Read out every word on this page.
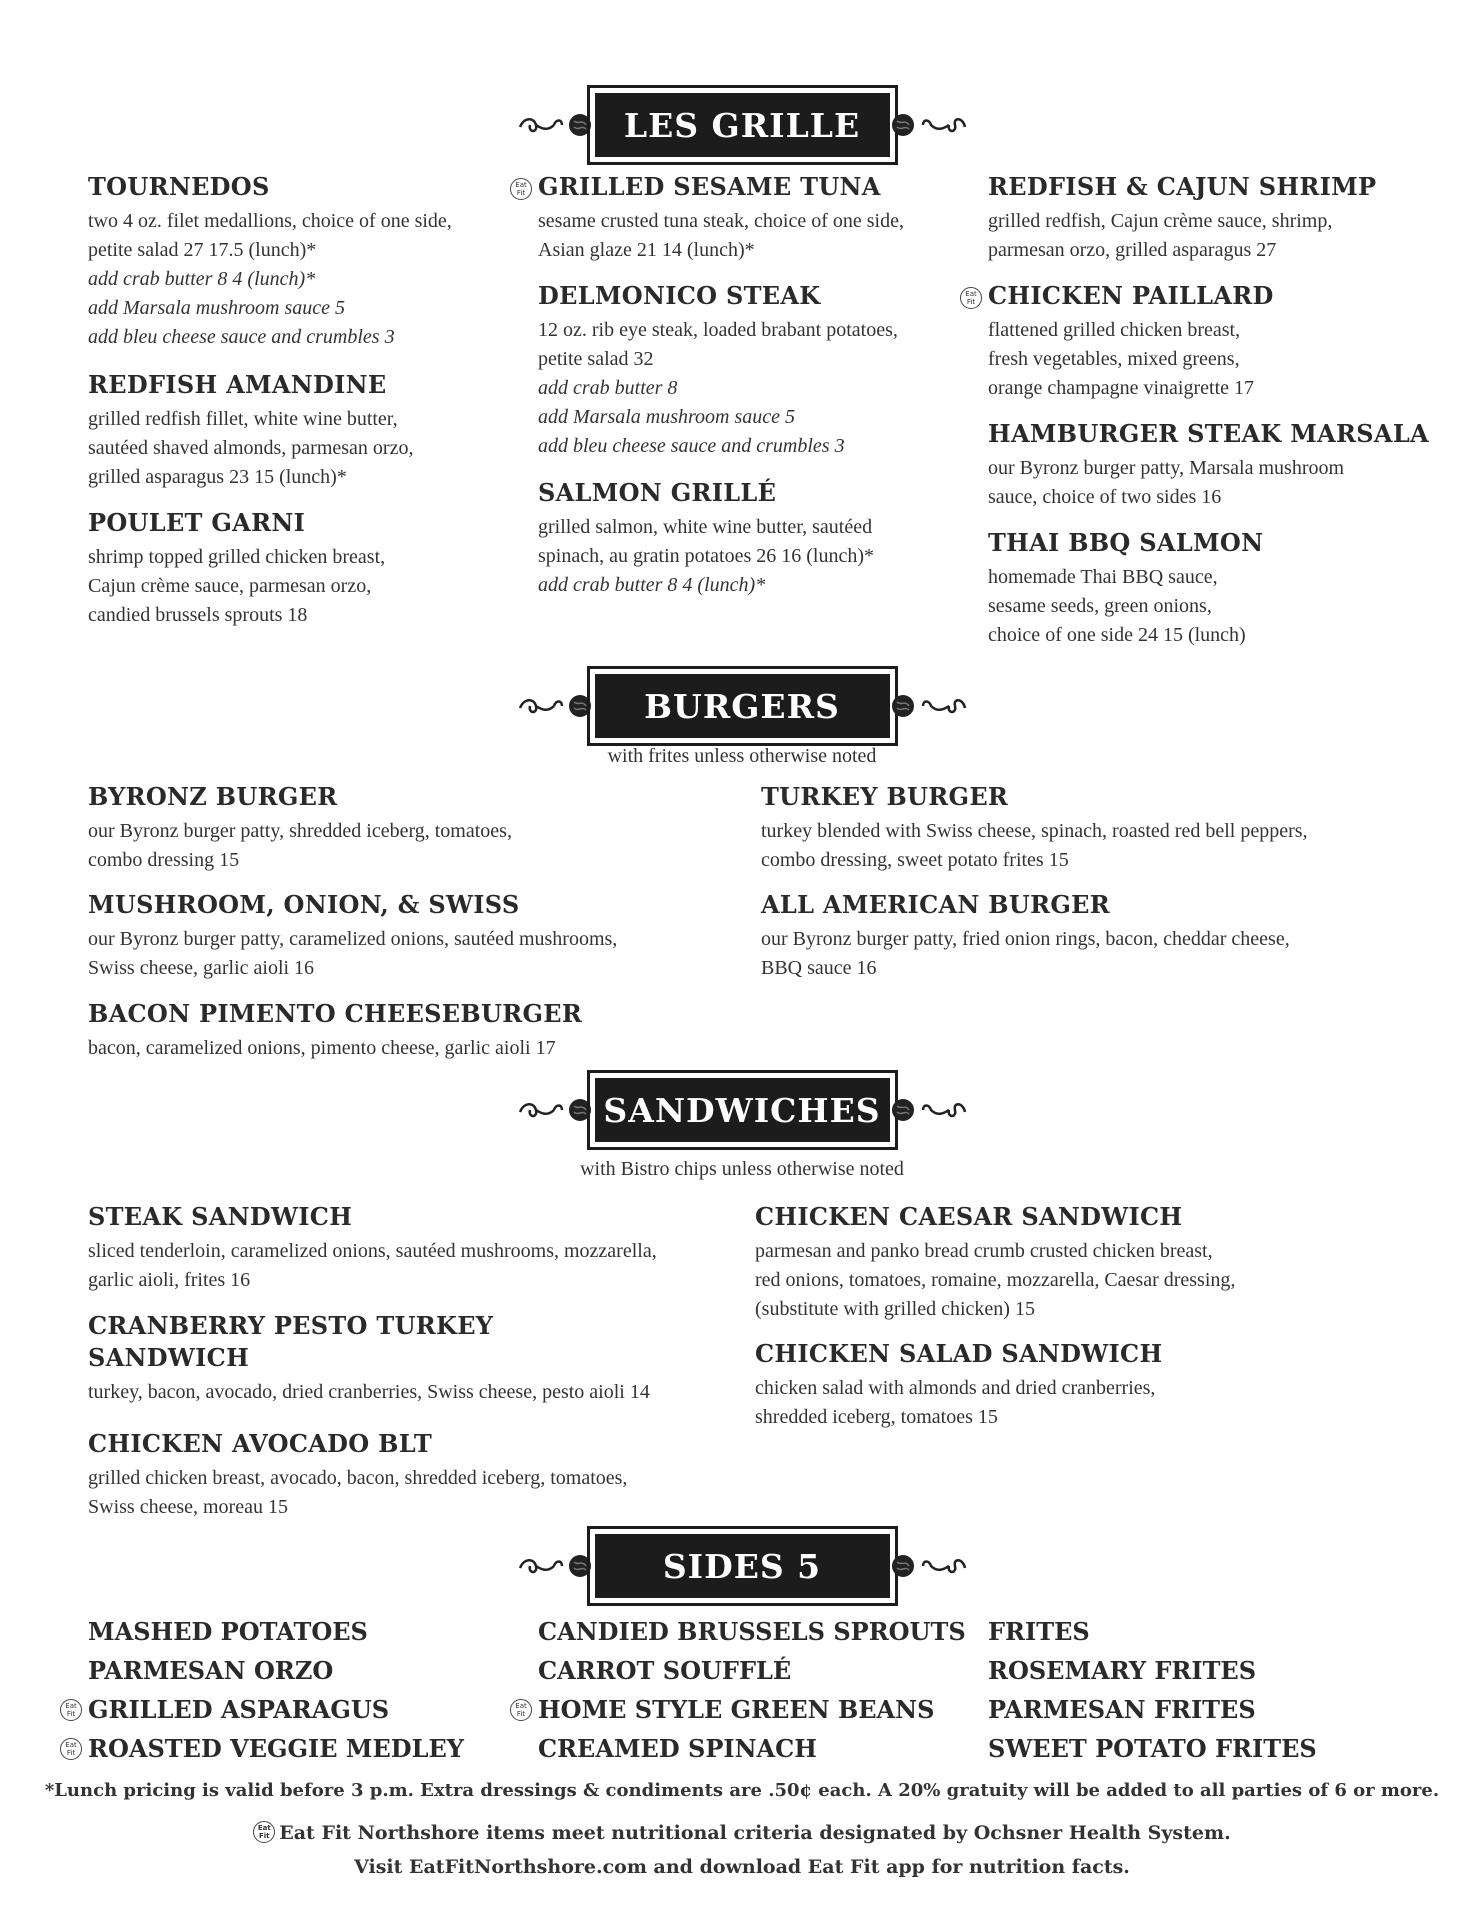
LES GRILLE
TOURNEDOS

two 4 oz. filet medallions, choice of one side,

petite salad 27 17.5 (lunch)*

add crab butter 8 4 (lunch)*

add Marsala mushroom sauce 5

add bleu cheese sauce and crumbles 3

REDFISH AMANDINE

grilled redfish fillet, white wine butter,

sautéed shaved almonds, parmesan orzo,

grilled asparagus 23 15 (lunch)*

POULET GARNI

shrimp topped grilled chicken breast,

Cajun crème sauce, parmesan orzo,

candied brussels sprouts 18

Eat Fit GRILLED SESAME TUNA

sesame crusted tuna steak, choice of one side,

Asian glaze 21 14 (lunch)*

DELMONICO STEAK

12 oz. rib eye steak, loaded brabant potatoes,

petite salad 32

add crab butter 8

add Marsala mushroom sauce 5

add bleu cheese sauce and crumbles 3

SALMON GRILLÉ

grilled salmon, white wine butter, sautéed

spinach, au gratin potatoes 26 16 (lunch)*

add crab butter 8 4 (lunch)*

REDFISH & CAJUN SHRIMP

grilled redfish, Cajun crème sauce, shrimp,

parmesan orzo, grilled asparagus 27

Eat Fit CHICKEN PAILLARD

flattened grilled chicken breast,

fresh vegetables, mixed greens,

orange champagne vinaigrette 17

HAMBURGER STEAK MARSALA

our Byronz burger patty, Marsala mushroom

sauce, choice of two sides 16

THAI BBQ SALMON

homemade Thai BBQ sauce,

sesame seeds, green onions,

choice of one side 24 15 (lunch)

BURGERS
with frites unless otherwise noted
BYRONZ BURGER

our Byronz burger patty, shredded iceberg, tomatoes,

combo dressing 15

MUSHROOM, ONION, & SWISS

our Byronz burger patty, caramelized onions, sautéed mushrooms,

Swiss cheese, garlic aioli 16

BACON PIMENTO CHEESEBURGER

bacon, caramelized onions, pimento cheese, garlic aioli 17

TURKEY BURGER

turkey blended with Swiss cheese, spinach, roasted red bell peppers,

combo dressing, sweet potato frites 15

ALL AMERICAN BURGER

our Byronz burger patty, fried onion rings, bacon, cheddar cheese,

BBQ sauce 16

SANDWICHES
with Bistro chips unless otherwise noted
STEAK SANDWICH

sliced tenderloin, caramelized onions, sautéed mushrooms, mozzarella,

garlic aioli, frites 16

CRANBERRY PESTO TURKEY
SANDWICH

turkey, bacon, avocado, dried cranberries, Swiss cheese, pesto aioli 14

CHICKEN AVOCADO BLT

grilled chicken breast, avocado, bacon, shredded iceberg, tomatoes,

Swiss cheese, moreau 15

CHICKEN CAESAR SANDWICH

parmesan and panko bread crumb crusted chicken breast,

red onions, tomatoes, romaine, mozzarella, Caesar dressing,

(substitute with grilled chicken) 15

CHICKEN SALAD SANDWICH

chicken salad with almonds and dried cranberries,

shredded iceberg, tomatoes 15

SIDES 5
MASHED POTATOES
PARMESAN ORZO
GRILLED ASPARAGUS
ROASTED VEGGIE MEDLEY
Eat Fit
Eat Fit
CANDIED BRUSSELS SPROUTS
CARROT SOUFFLÉ
HOME STYLE GREEN BEANS
CREAMED SPINACH
Eat Fit
FRITES
ROSEMARY FRITES
PARMESAN FRITES
SWEET POTATO FRITES
*Lunch pricing is valid before 3 p.m. Extra dressings & condiments are .50¢ each. A 20% gratuity will be added to all parties of 6 or more.
Eat Fit Eat Fit Northshore items meet nutritional criteria designated by Ochsner Health System.
Visit EatFitNorthshore.com and download Eat Fit app for nutrition facts.
